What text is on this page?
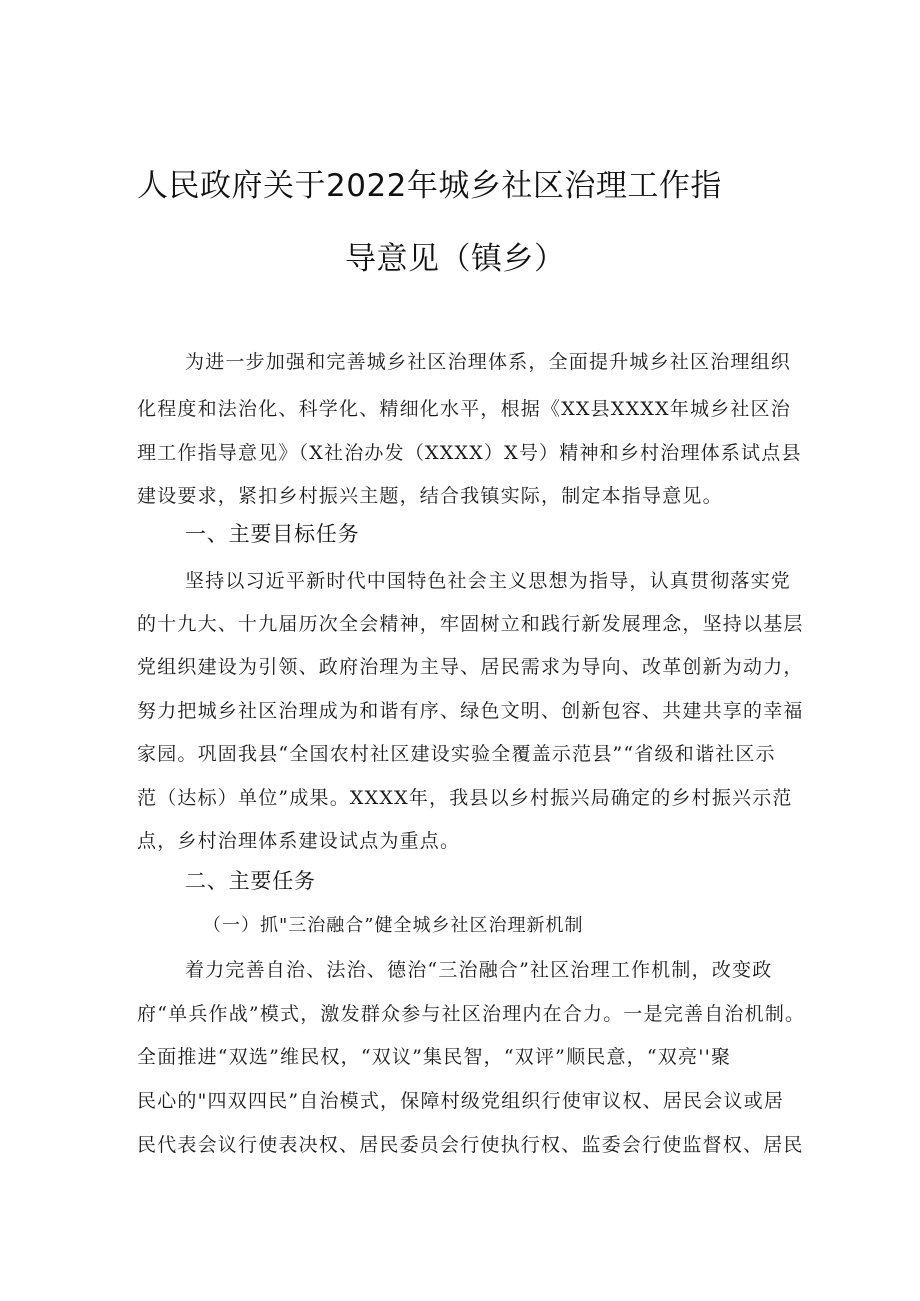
人民政府关于2022年城乡社区治理工作指
导意见（镇乡）
为进一步加强和完善城乡社区治理体系，全面提升城乡社区治理组织
化程度和法治化、科学化、精细化水平，根据《XX县XXXX年城乡社区治
理工作指导意见》（X社治办发（XXXX）X号）精神和乡村治理体系试点县
建设要求，紧扣乡村振兴主题，结合我镇实际，制定本指导意见。
一、主要目标任务
坚持以习近平新时代中国特色社会主义思想为指导，认真贯彻落实党
的十九大、十九届历次全会精神，牢固树立和践行新发展理念，坚持以基层
党组织建设为引领、政府治理为主导、居民需求为导向、改革创新为动力，
努力把城乡社区治理成为和谐有序、绿色文明、创新包容、共建共享的幸福
家园。巩固我县“全国农村社区建设实验全覆盖示范县”“省级和谐社区示
范（达标）单位”成果。XXXX年，我县以乡村振兴局确定的乡村振兴示范
点，乡村治理体系建设试点为重点。
二、主要任务
（一）抓"三治融合”健全城乡社区治理新机制
着力完善自治、法治、德治“三治融合”社区治理工作机制，改变政
府“单兵作战”模式，激发群众参与社区治理内在合力。一是完善自治机制。
全面推进“双选”维民权，“双议”集民智，“双评”顺民意，“双亮''聚
民心的"四双四民”自治模式，保障村级党组织行使审议权、居民会议或居
民代表会议行使表决权、居民委员会行使执行权、监委会行使监督权、居民
